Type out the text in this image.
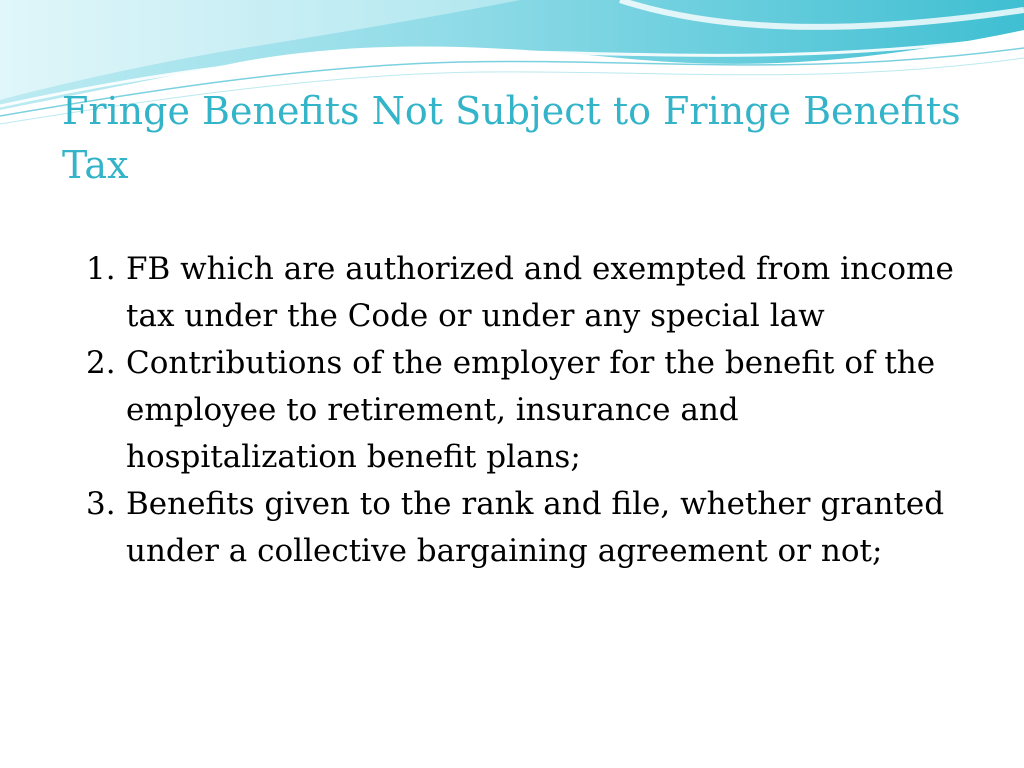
Fringe Benefits Not Subject to Fringe Benefits Tax
1. FB which are authorized and exempted from income tax under the Code or under any special law
2. Contributions of the employer for the benefit of the employee to retirement, insurance and hospitalization benefit plans;
3. Benefits given to the rank and file, whether granted under a collective bargaining agreement or not;
